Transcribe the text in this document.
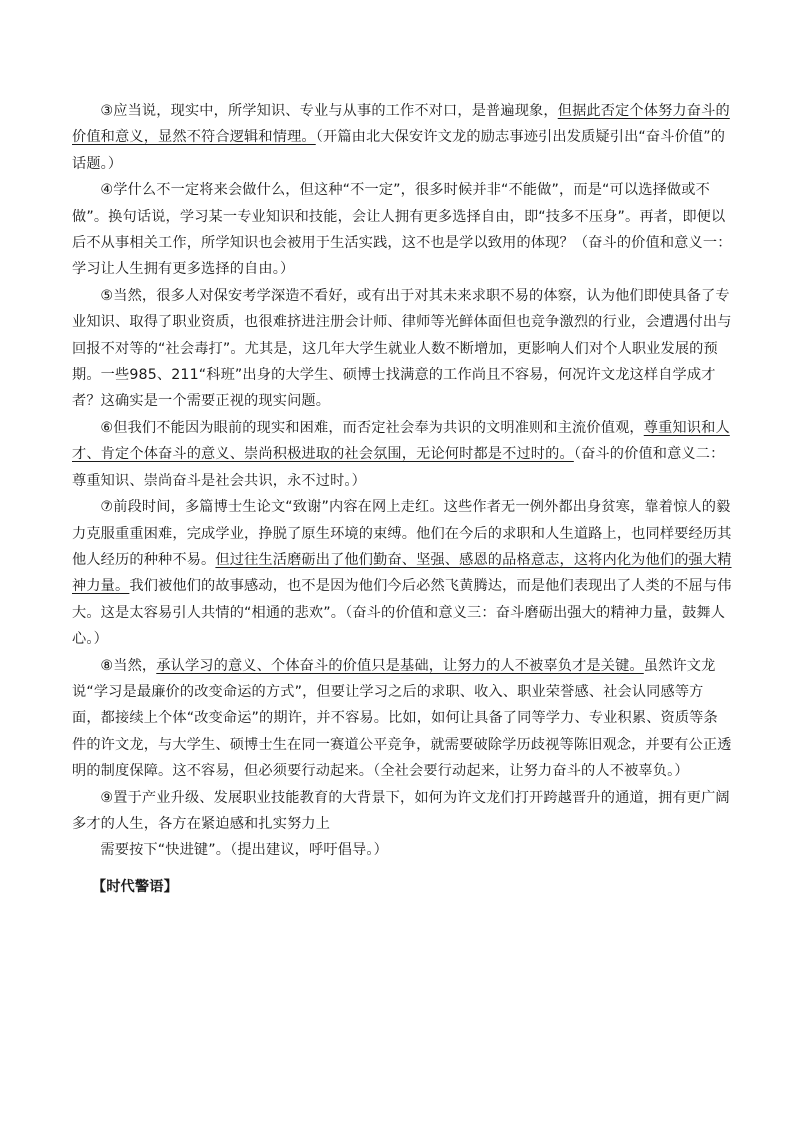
③应当说，现实中，所学知识、专业与从事的工作不对口，是普遍现象，但据此否定个体努力奋斗的价值和意义，显然不符合逻辑和情理。（开篇由北大保安许文龙的励志事迹引出发质疑引出“奋斗价值”的话题。）

④学什么不一定将来会做什么，但这种“不一定”，很多时候并非“不能做”，而是“可以选择做或不做”。换句话说，学习某一专业知识和技能，会让人拥有更多选择自由，即“技多不压身”。再者，即便以后不从事相关工作，所学知识也会被用于生活实践，这不也是学以致用的体现？（奋斗的价值和意义一：学习让人生拥有更多选择的自由。）

⑤当然，很多人对保安考学深造不看好，或有出于对其未来求职不易的体察，认为他们即使具备了专业知识、取得了职业资质，也很难挤进注册会计师、律师等光鲜体面但也竞争激烈的行业，会遭遇付出与回报不对等的“社会毒打”。尤其是，这几年大学生就业人数不断增加，更影响人们对个人职业发展的预期。一些985、211“科班”出身的大学生、硕博士找满意的工作尚且不容易，何况许文龙这样自学成才者？这确实是一个需要正视的现实问题。

⑥但我们不能因为眼前的现实和困难，而否定社会奉为共识的文明准则和主流价值观，尊重知识和人才、肯定个体奋斗的意义、崇尚积极进取的社会氛围，无论何时都是不过时的。（奋斗的价值和意义二：尊重知识、崇尚奋斗是社会共识，永不过时。）

⑦前段时间，多篇博士生论文“致谢”内容在网上走红。这些作者无一例外都出身贫寒，靠着惊人的毅力克服重重困难，完成学业，挣脱了原生环境的束缚。他们在今后的求职和人生道路上，也同样要经历其他人经历的种种不易。但过往生活磨砺出了他们勤奋、坚强、感恩的品格意志，这将内化为他们的强大精神力量。我们被他们的故事感动，也不是因为他们今后必然飞黄腾达，而是他们表现出了人类的不屈与伟大。这是太容易引人共情的“相通的悲欢”。（奋斗的价值和意义三：奋斗磨砺出强大的精神力量，鼓舞人心。）

⑧当然，承认学习的意义、个体奋斗的价值只是基础，让努力的人不被辜负才是关键。虽然许文龙说“学习是最廉价的改变命运的方式”，但要让学习之后的求职、收入、职业荣誉感、社会认同感等方面，都接续上个体“改变命运”的期许，并不容易。比如，如何让具备了同等学力、专业积累、资质等条件的许文龙，与大学生、硕博士生在同一赛道公平竞争，就需要破除学历歧视等陈旧观念，并要有公正透明的制度保障。这不容易，但必须要行动起来。（全社会要行动起来，让努力奋斗的人不被辜负。）

⑨置于产业升级、发展职业技能教育的大背景下，如何为许文龙们打开跨越晋升的通道，拥有更广阔多才的人生，各方在紧迫感和扎实努力上

需要按下“快进键”。（提出建议，呼吁倡导。）

【时代警语】
